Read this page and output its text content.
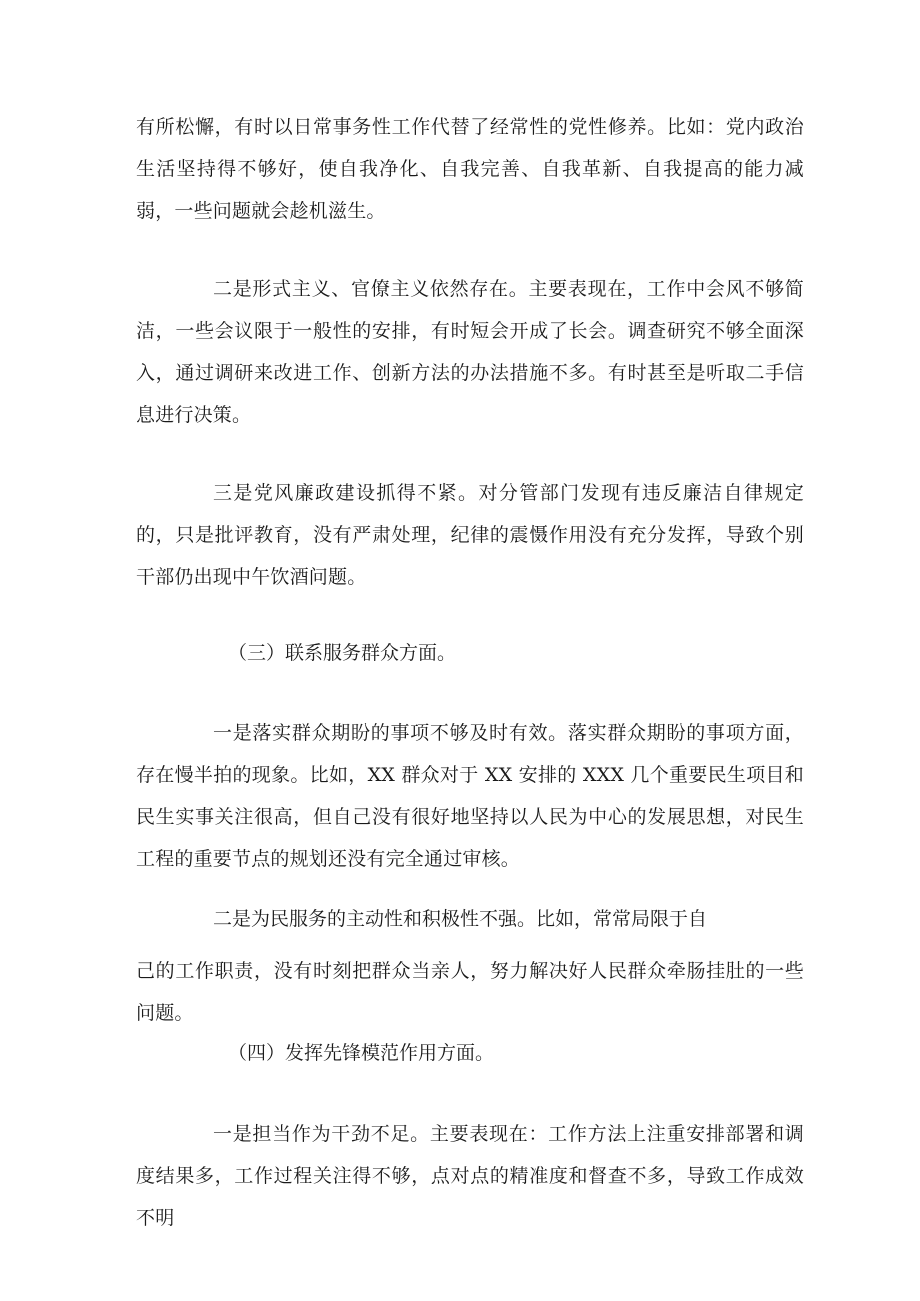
有所松懈，有时以日常事务性工作代替了经常性的党性修养。比如：党内政治生活坚持得不够好，使自我净化、自我完善、自我革新、自我提高的能力减弱，一些问题就会趁机滋生。

二是形式主义、官僚主义依然存在。主要表现在，工作中会风不够简洁，一些会议限于一般性的安排，有时短会开成了长会。调查研究不够全面深入，通过调研来改进工作、创新方法的办法措施不多。有时甚至是听取二手信息进行决策。

三是党风廉政建设抓得不紧。对分管部门发现有违反廉洁自律规定的，只是批评教育，没有严肃处理，纪律的震慑作用没有充分发挥，导致个别干部仍出现中午饮酒问题。

（三）联系服务群众方面。

一是落实群众期盼的事项不够及时有效。落实群众期盼的事项方面，存在慢半拍的现象。比如，XX 群众对于 XX 安排的 XXX 几个重要民生项目和民生实事关注很高，但自己没有很好地坚持以人民为中心的发展思想，对民生工程的重要节点的规划还没有完全通过审核。

二是为民服务的主动性和积极性不强。比如，常常局限于自

己的工作职责，没有时刻把群众当亲人，努力解决好人民群众牵肠挂肚的一些问题。

（四）发挥先锋模范作用方面。

一是担当作为干劲不足。主要表现在：工作方法上注重安排部署和调度结果多，工作过程关注得不够，点对点的精准度和督查不多，导致工作成效不明
